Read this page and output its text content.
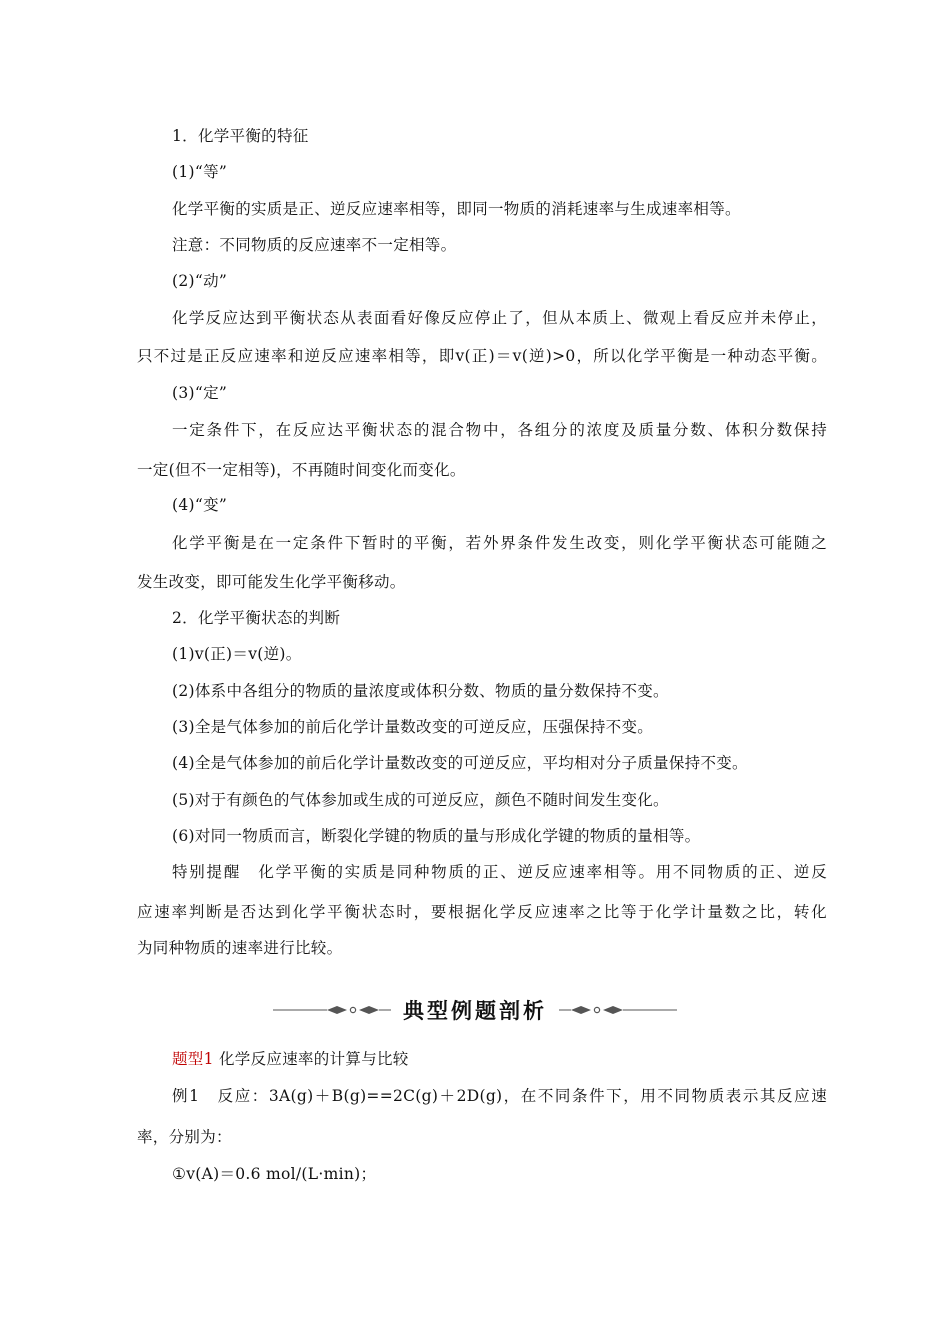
1．化学平衡的特征
(1)“等”
化学平衡的实质是正、逆反应速率相等，即同一物质的消耗速率与生成速率相等。
注意：不同物质的反应速率不一定相等。
(2)“动”
化学反应达到平衡状态从表面看好像反应停止了，但从本质上、微观上看反应并未停止，
只不过是正反应速率和逆反应速率相等，即v(正)＝v(逆)>0，所以化学平衡是一种动态平衡。
(3)“定”
一定条件下，在反应达平衡状态的混合物中，各组分的浓度及质量分数、体积分数保持
一定(但不一定相等)，不再随时间变化而变化。
(4)“变”
化学平衡是在一定条件下暂时的平衡，若外界条件发生改变，则化学平衡状态可能随之
发生改变，即可能发生化学平衡移动。
2．化学平衡状态的判断
(1)v(正)＝v(逆)。
(2)体系中各组分的物质的量浓度或体积分数、物质的量分数保持不变。
(3)全是气体参加的前后化学计量数改变的可逆反应，压强保持不变。
(4)全是气体参加的前后化学计量数改变的可逆反应，平均相对分子质量保持不变。
(5)对于有颜色的气体参加或生成的可逆反应，颜色不随时间发生变化。
(6)对同一物质而言，断裂化学键的物质的量与形成化学键的物质的量相等。
特别提醒　化学平衡的实质是同种物质的正、逆反应速率相等。用不同物质的正、逆反
应速率判断是否达到化学平衡状态时，要根据化学反应速率之比等于化学计量数之比，转化
为同种物质的速率进行比较。
典型例题剖析
题型1 化学反应速率的计算与比较
例1　反应：3A(g)＋B(g)==2C(g)＋2D(g)，在不同条件下，用不同物质表示其反应速
率，分别为：
①v(A)＝0.6 mol/(L·min)；
